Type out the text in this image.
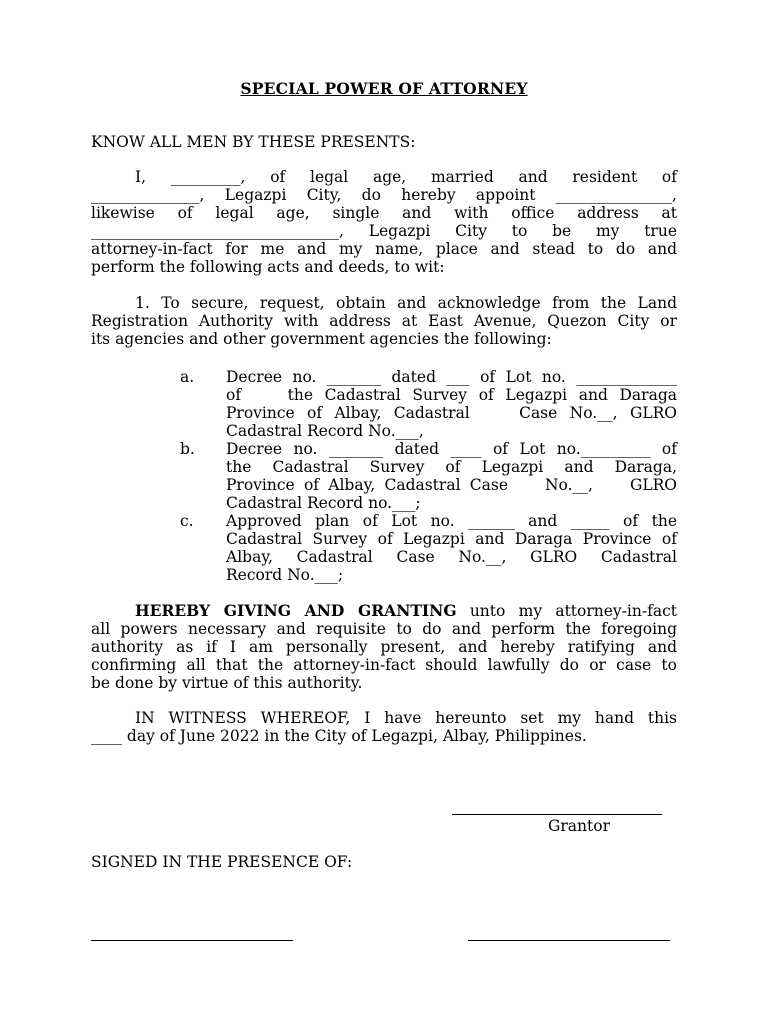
SPECIAL POWER OF ATTORNEY
KNOW ALL MEN BY THESE PRESENTS:
I,   _________,   of   legal   age,   married   and   resident   of
______________, Legazpi City, do hereby appoint _______________,
likewise   of   legal   age,   single   and   with   office   address   at
________________________________,   Legazpi   City   to   be   my   true
attorney-in-fact for me and my name, place and stead to do and
perform the following acts and deeds, to wit:
1. To secure, request, obtain and acknowledge from the Land
Registration Authority with address at East Avenue, Quezon City or
its agencies and other government agencies the following:
a. Decree no. _______ dated ___ of Lot no. _____________
of    the Cadastral Survey of Legazpi and Daraga
Province of Albay, Cadastral    Case No.__, GLRO
Cadastral Record No.___,
b. Decree no. _______ dated ____ of Lot no._________ of
the Cadastral Survey of Legazpi and Daraga,
Province of Albay, Cadastral Case    No.__,    GLRO
Cadastral Record no.___;
c. Approved plan of Lot no. ______ and _____ of the
Cadastral Survey of Legazpi and Daraga Province of
Albay, Cadastral Case No.__, GLRO Cadastral
Record No.___;
HEREBY GIVING AND GRANTING unto my attorney-in-fact
all powers necessary and requisite to do and perform the foregoing
authority as if I am personally present, and hereby ratifying and
confirming all that the attorney-in-fact should lawfully do or case to
be done by virtue of this authority.
IN WITNESS WHEREOF, I have hereunto set my hand this
____ day of June 2022 in the City of Legazpi, Albay, Philippines.
Grantor
SIGNED IN THE PRESENCE OF:
